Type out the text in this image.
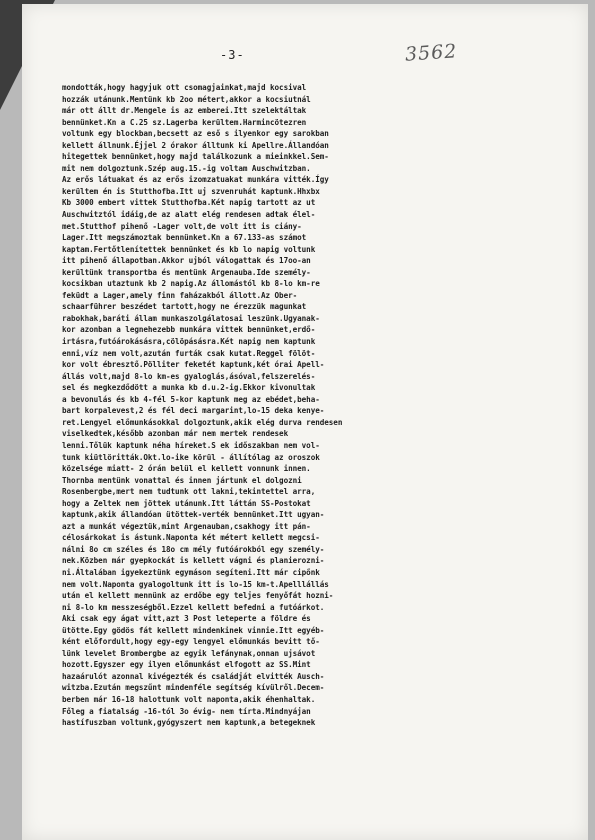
-3-	3562
mondották,hogy hagyjuk ott csomagjainkat,majd kocsival
hozzák utánunk.Mentünk kb 2oo métert,akkor a kocsiutnál
már ott állt dr.Mengele is az emberei.Itt szelektáltak
bennünket.Kn a C.25 sz.Lagerba kerültem.Harmincötezren
voltunk egy blockban,becsett az eső s ilyenkor egy sarokban
kellett állnunk.Éjjel 2 órakor álltunk ki Apellre.Állandóan
hitegettek bennünket,hogy majd találkozunk a mieinkkel.Sem-
mit nem dolgoztunk.Szép aug.15.-ig voltam Auschwitzban.
Az erős látuakat és az erős izomzatuakat munkára vitték.Így
kerültem én is Stutthofba.Itt uj szvenruhát kaptunk.Hhxbx
Kb 3000 embert vittek Stutthofba.Két napig tartott az ut
Auschwitztól idáig,de az alatt elég rendesen adtak élel-
met.Stutthof pihenő -Lager volt,de volt itt is ciány-
Lager.Itt megszámoztak bennünket.Kn a 67.133-as számot
kaptam.Fertőtlenítettek bennünket és kb lo napig voltunk
itt pihenő állapotban.Akkor ujból válogattak és 17oo-an
kerültünk transportba és mentünk Argenauba.Ide személy-
kocsikban utaztunk kb 2 napig.Az állomástól kb 8-lo km-re
feküdt a Lager,amely finn faházakból állott.Az Ober-
schaarführer beszédet tartott,hogy ne érezzük magunkat
rabokhak,baráti állam munkaszolgálatosai leszünk.Ugyanak-
kor azonban a legnehezebb munkára vittek bennünket,erdő-
irtásra,futóárokásásra,cölöpásásra.Két napig nem kaptunk
enni,víz nem volt,azután furták csak kutat.Reggel fölöt-
kor volt ébresztő.Pölliter feketét kaptunk,két órai Apell-
állás volt,majd 8-lo km-es gyaloglás,ásóval,felszerelés-
sel és megkezdődött a munka kb d.u.2-ig.Ekkor kivonultak
a bevonulás és kb 4-fél 5-kor kaptunk meg az ebédet,beha-
bart korpalevest,2 és fél deci margarint,lo-15 deka kenye-
ret.Lengyel előmunkásokkal dolgoztunk,akik elég durva rendesen
viselkedtek,később azonban már nem mertek rendesek
lenni.Tőlük kaptunk néha híreket.S ek időszakban nem vol-
tunk kiütlöritták.Okt.lo-ike körül - állítólag az oroszok
közelsége miatt- 2 órán belül el kellett vonnunk innen.
Thornba mentünk vonattal és innen jártunk el dolgozni
Rosenbergbe,mert nem tudtunk ott lakni,tekintettel arra,
hogy a Zeltek nem jöttek utánunk.Itt láttán SS-Postokat
kaptunk,akik állandóan ütöttek-verték bennünket.Itt ugyan-
azt a munkát végeztük,mint Argenauban,csakhogy itt pán-
célosárkokat is ástunk.Naponta két métert kellett megcsi-
nálni 8o cm széles és 18o cm mély futóárokból egy személy-
nek.Közben már gyepkockát is kellett vágni és planierozni-
ni.Általában igyekeztünk egymáson segíteni.Itt már cipőnk
nem volt.Naponta gyalogoltunk itt is lo-15 km-t.Apelllállás
után el kellett mennünk az erdőbe egy teljes fenyőfát hozni-
ni 8-lo km messzeségből.Ezzel kellett befedni a futóárkot.
Aki csak egy ágat vitt,azt 3 Post leteperte a földre és
ütötte.Egy gödös fát kellett mindenkinek vinnie.Itt egyéb-
ként előfordult,hogy egy-egy lengyel előmunkás bevitt tő-
lünk levelet Brombergbe az egyik lefánynak,onnan ujsávot
hozott.Egyszer egy ilyen előmunkást elfogott az SS.Mint
hazaárulót azonnal kivégezték és családját elvitték Ausch-
witzba.Ezután megszűnt mindenféle segítség kívülről.Decem-
berben már 16-18 halottunk volt naponta,akik éhenhaltak.
Főleg a fiatalság -16-tól 3o évig- nem tírta.Mindnyájan
hastífuszban voltunk,gyógyszert nem kaptunk,a betegeknek
